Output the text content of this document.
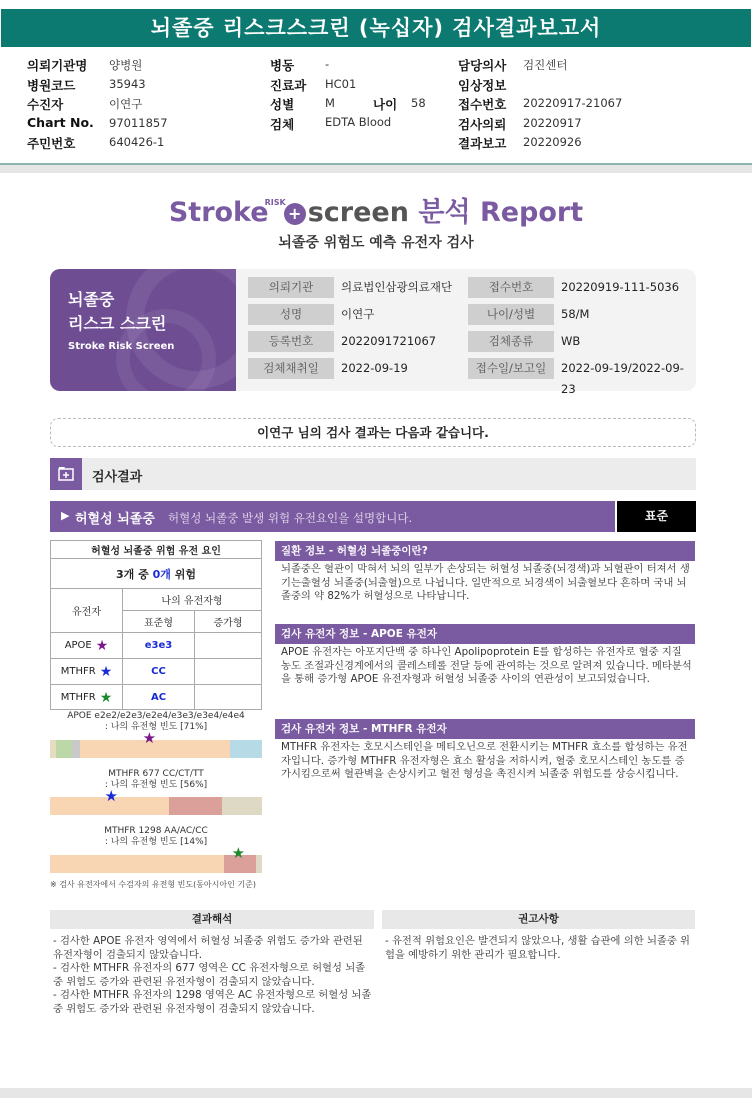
뇌졸중 리스크스크린 (녹십자) 검사결과보고서
의뢰기관명 양병원
병원코드	35943
수진자	이연구
Chart No. 97011857
주민번호	640426-1
병동	-
진료과 HC01
성별	M	나이 58
검체	EDTA Blood
담당의사 검진센터
임상정보
접수번호 20220917-21067
검사의뢰 20220917
결과보고 20220926
Stroke$^{RISK}$+ screen 분석 Report
뇌졸중 위험도 예측 유전자 검사
뇌졸중
리스크 스크린
Stroke Risk Screen
의뢰기관	의료법인삼광의료재단	접수번호	20220919-111-5036
성명	이연구	나이/성별	58/M
등록번호	2022091721067	검체종류	WB
검체채취일	2022-09-19	접수일/보고일	2022-09-19/2022-09-23
이연구 님의 검사 결과는 다음과 같습니다.
검사결과
▶ 허혈성 뇌졸중 허혈성 뇌졸중 발생 위험 유전요인을 설명합니다.	표준
허혈성 뇌졸중 위험 유전 요인
3개 중
0개
위험
유전자
나의 유전자형
표준형	증가형
APOE ★	e3e3
MTHFR ★	CC
MTHFR ★	AC
APOE e2e2/e2e3/e2e4/e3e3/e3e4/e4e4
: 나의 유전형 빈도 [71%]
★
MTHFR 677 CC/CT/TT
: 나의 유전형 빈도 [56%]
★
MTHFR 1298 AA/AC/CC
: 나의 유전형 빈도 [14%]
★
※ 검사 유전자에서 수검자의 유전형 빈도(동아시아인 기준)
질환 정보 - 허혈성 뇌졸중이란?
뇌졸중은 혈관이 막혀서 뇌의 일부가 손상되는 허혈성 뇌졸중(뇌경색)과 뇌혈관이 터져서 생기는출혈성 뇌졸중(뇌출혈)으로 나뉩니다. 일반적으로 뇌경색이 뇌출혈보다 흔하며 국내 뇌졸중의 약 82%가 허혈성으로 나타납니다.
검사 유전자 정보 - APOE 유전자
APOE 유전자는 아포지단백 중 하나인 Apolipoprotein E를 합성하는 유전자로 혈중 지질 농도 조절과신경계에서의 콜레스테롤 전달 등에 관여하는 것으로 알려져 있습니다. 메타분석을 통해 증가형 APOE 유전자형과 허혈성 뇌졸중 사이의 연관성이 보고되었습니다.
검사 유전자 정보 - MTHFR 유전자
MTHFR 유전자는 호모시스테인을 메티오닌으로 전환시키는 MTHFR 효소를 합성하는 유전자입니다. 증가형 MTHFR 유전자형은 효소 활성을 저하시켜, 혈중 호모시스테인 농도를 증가시킴으로써 혈관벽을 손상시키고 혈전 형성을 촉진시켜 뇌졸중 위험도를 상승시킵니다.
결과해석
- 검사한 APOE 유전자 영역에서 허혈성 뇌졸중 위험도 증가와 관련된 유전자형이 검출되지 않았습니다.
- 검사한 MTHFR 유전자의 677 영역은 CC 유전자형으로 허혈성 뇌졸중 위험도 증가와 관련된 유전자형이 검출되지 않았습니다.
- 검사한 MTHFR 유전자의 1298 영역은 AC 유전자형으로 허혈성 뇌졸중 위험도 증가와 관련된 유전자형이 검출되지 않았습니다.
권고사항
- 유전적 위험요인은 발견되지 않았으나, 생활 습관에 의한 뇌졸중 위험을 예방하기 위한 관리가 필요합니다.
